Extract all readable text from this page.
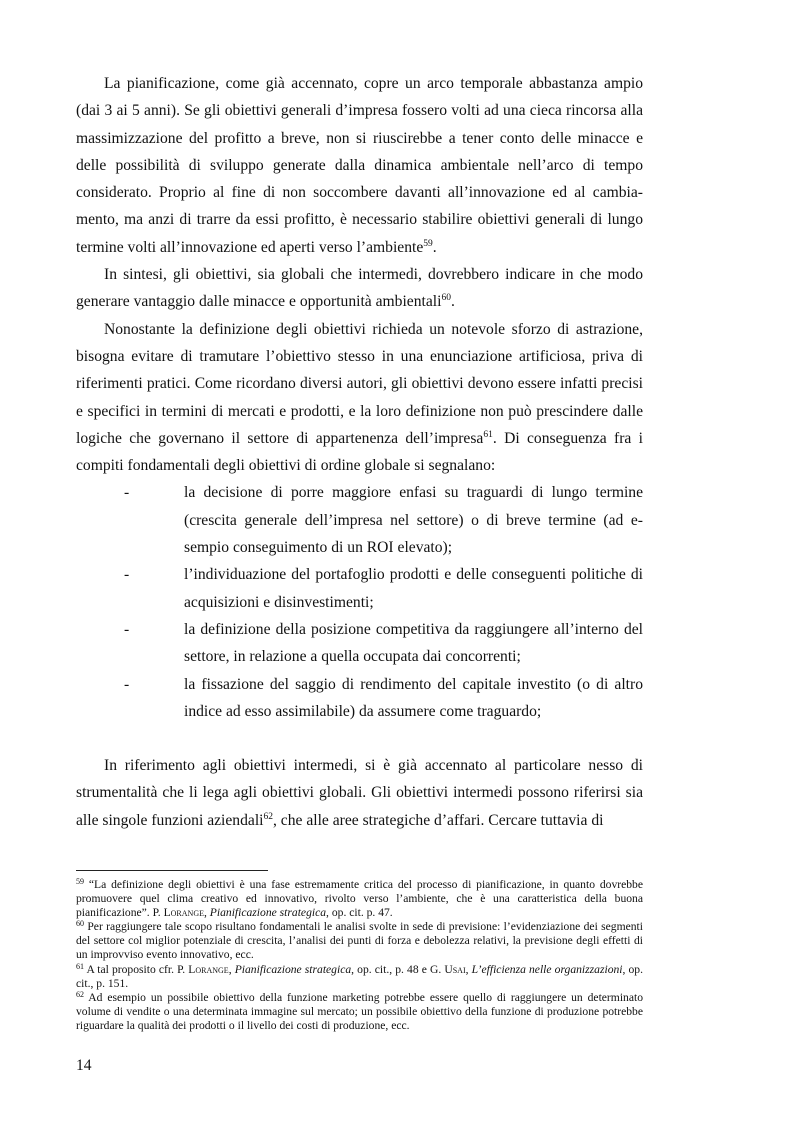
La pianificazione, come già accennato, copre un arco temporale abbastanza ampio (dai 3 ai 5 anni). Se gli obiettivi generali d’impresa fossero volti ad una cieca rincorsa alla massimizzazione del profitto a breve, non si riuscirebbe a tener conto delle minacce e delle possibilità di sviluppo generate dalla dinamica ambientale nell’arco di tempo considerato. Proprio al fine di non soccombere davanti all’innovazione ed al cambiamento, ma anzi di trarre da essi profitto, è necessario stabilire obiettivi generali di lungo termine volti all’innovazione ed aperti verso l’ambiente$^{59}$.

In sintesi, gli obiettivi, sia globali che intermedi, dovrebbero indicare in che modo generare vantaggio dalle minacce e opportunità ambientali$^{60}$.

Nonostante la definizione degli obiettivi richieda un notevole sforzo di astrazione, bisogna evitare di tramutare l’obiettivo stesso in una enunciazione artificiosa, priva di riferimenti pratici. Come ricordano diversi autori, gli obiettivi devono essere infatti precisi e specifici in termini di mercati e prodotti, e la loro definizione non può prescindere dalle logiche che governano il settore di appartenenza dell’impresa$^{61}$. Di conseguenza fra i compiti fondamentali degli obiettivi di ordine globale si segnalano:

-	la decisione di porre maggiore enfasi su traguardi di lungo termine (crescita generale dell’impresa nel settore) o di breve termine (ad esempio conseguimento di un ROI elevato);
-	l’individuazione del portafoglio prodotti e delle conseguenti politiche di acquisizioni e disinvestimenti;
-	la definizione della posizione competitiva da raggiungere all’interno del settore, in relazione a quella occupata dai concorrenti;
-	la fissazione del saggio di rendimento del capitale investito (o di altro indice ad esso assimilabile) da assumere come traguardo;

In riferimento agli obiettivi intermedi, si è già accennato al particolare nesso di strumentalità che li lega agli obiettivi globali. Gli obiettivi intermedi possono riferirsi sia alle singole funzioni aziendali$^{62}$, che alle aree strategiche d’affari. Cercare tuttavia di

$^{59}$ “La definizione degli obiettivi è una fase estremamente critica del processo di pianificazione, in quanto dovrebbe promuovere quel clima creativo ed innovativo, rivolto verso l’ambiente, che è una caratteristica della buona pianificazione”. P. Lorange, Pianificazione strategica, op. cit. p. 47.

$^{60}$ Per raggiungere tale scopo risultano fondamentali le analisi svolte in sede di previsione: l’evidenziazione dei segmenti del settore col miglior potenziale di crescita, l’analisi dei punti di forza e debolezza relativi, la previsione degli effetti di un improvviso evento innovativo, ecc.

$^{61}$ A tal proposito cfr. P. Lorange, Pianificazione strategica, op. cit., p. 48 e G. Usai, L’efficienza nelle organizzazioni, op. cit., p. 151.

$^{62}$ Ad esempio un possibile obiettivo della funzione marketing potrebbe essere quello di raggiungere un determinato volume di vendite o una determinata immagine sul mercato; un possibile obiettivo della funzione di produzione potrebbe riguardare la qualità dei prodotti o il livello dei costi di produzione, ecc.

14
